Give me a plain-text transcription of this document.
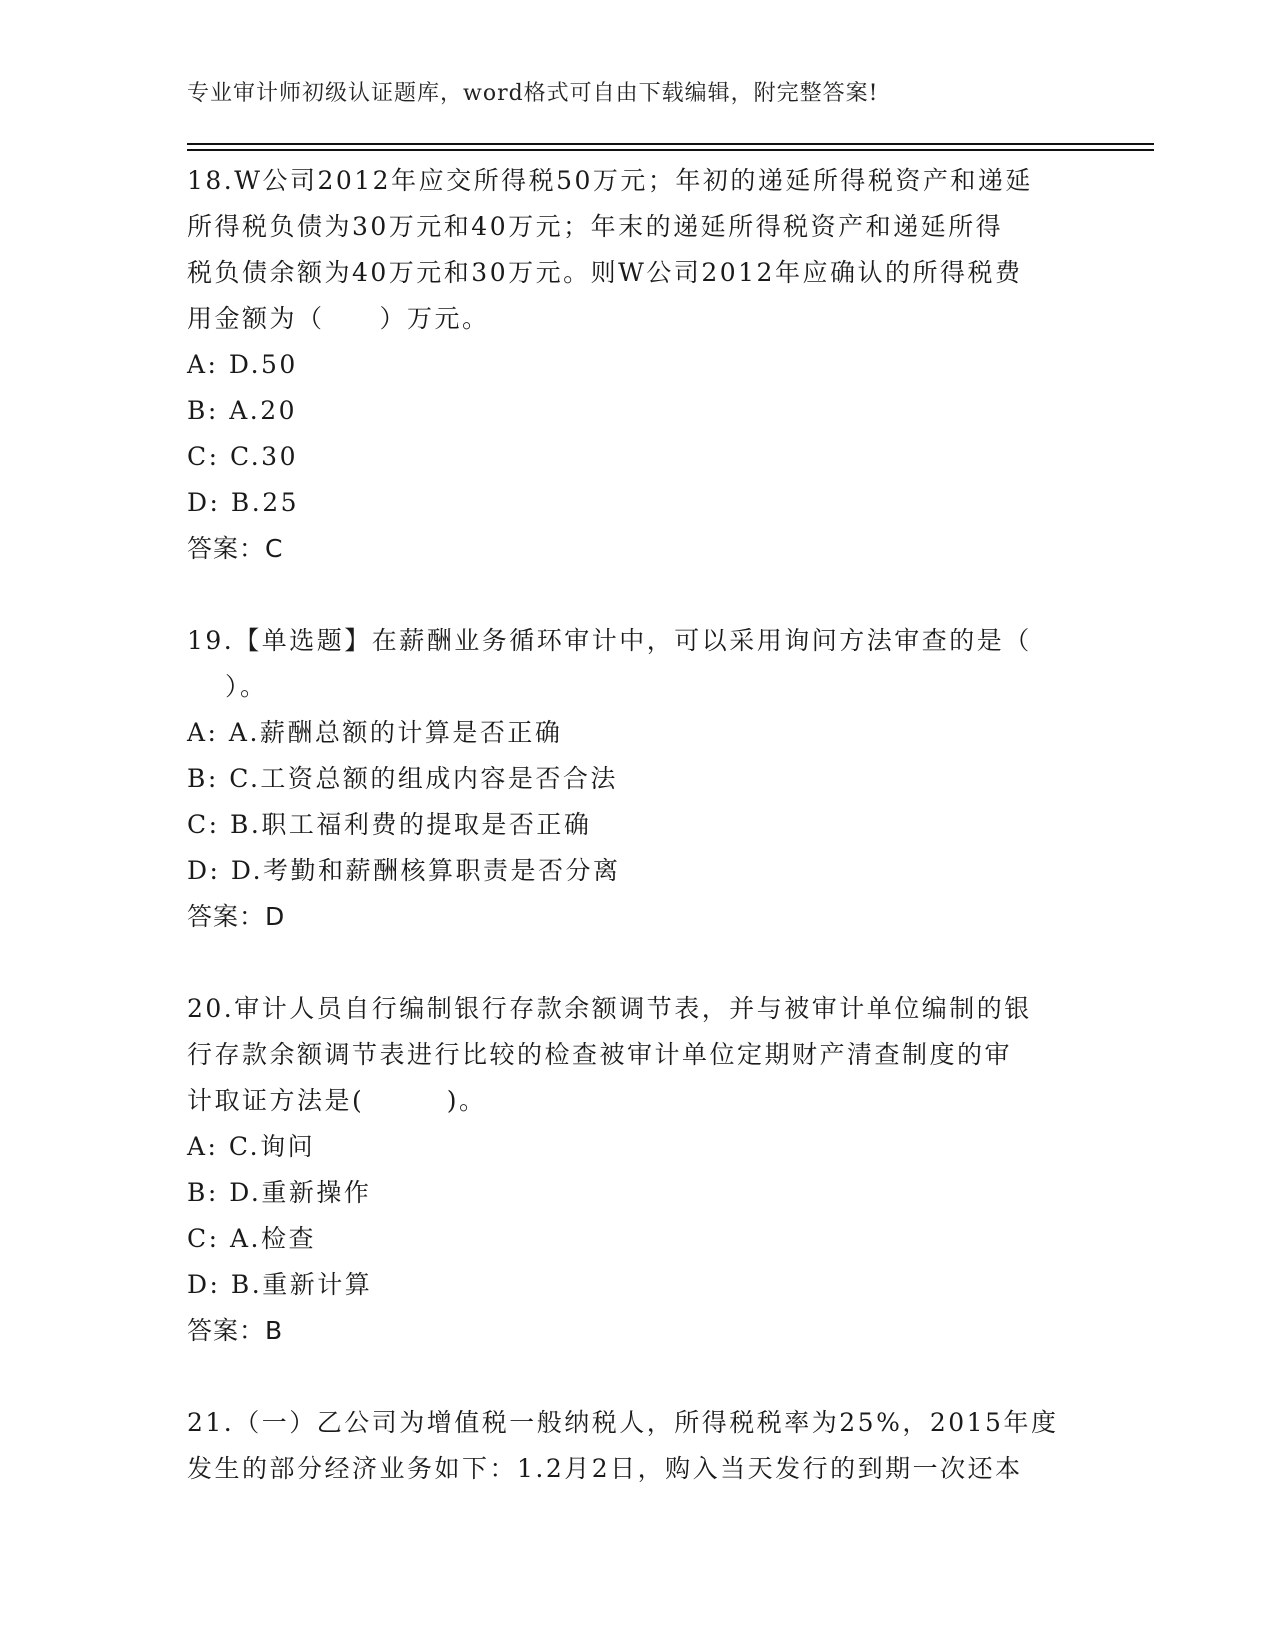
专业审计师初级认证题库，word格式可自由下载编辑，附完整答案!

18.W公司2012年应交所得税50万元；年初的递延所得税资产和递延

所得税负债为30万元和40万元；年末的递延所得税资产和递延所得

税负债余额为40万元和30万元。则W公司2012年应确认的所得税费

用金额为（　　）万元。

A: D.50

B: A.20

C: C.30

D: B.25

答案：C

19.【单选题】在薪酬业务循环审计中，可以采用询问方法审查的是（

）。

A: A.薪酬总额的计算是否正确

B: C.工资总额的组成内容是否合法

C: B.职工福利费的提取是否正确

D: D.考勤和薪酬核算职责是否分离

答案：D

20.审计人员自行编制银行存款余额调节表，并与被审计单位编制的银

行存款余额调节表进行比较的检查被审计单位定期财产清查制度的审

计取证方法是(　　　)。

A: C.询问

B: D.重新操作

C: A.检查

D: B.重新计算

答案：B

21.（一）乙公司为增值税一般纳税人，所得税税率为25%，2015年度

发生的部分经济业务如下：1.2月2日，购入当天发行的到期一次还本
